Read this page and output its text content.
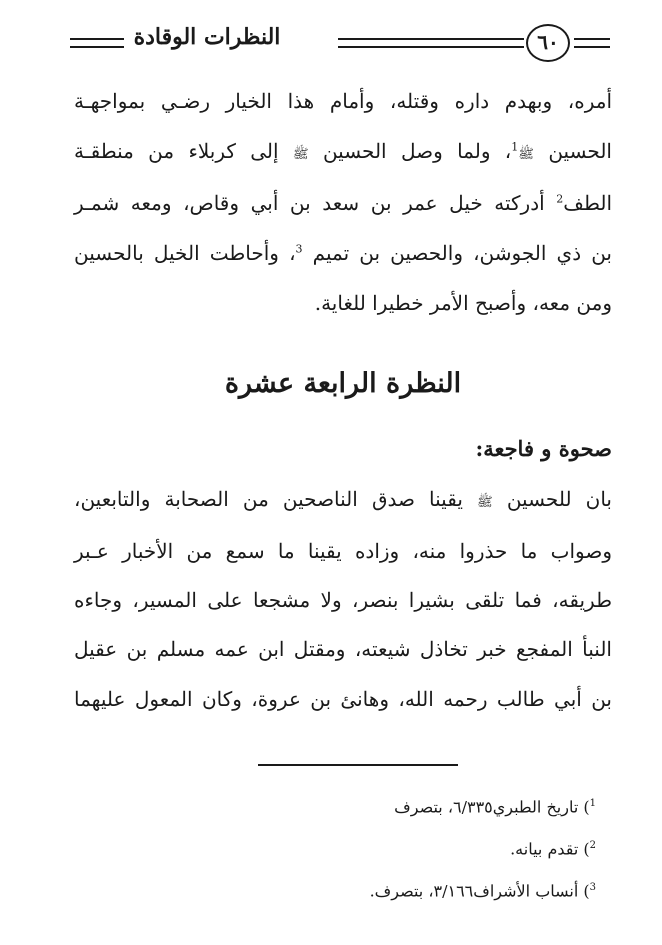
٦٠
النظرات الوقادة
أمره، وبهدم داره وقتله، وأمام هذا الخيار رضـي بمواجهـة
الحسين ﷺ$^1$، ولما وصل الحسين ﷺ إلى كربلاء من منطقـة
الطف$^2$ أدركته خيل عمر بن سعد بن أبي وقاص، ومعه شمـر
بن ذي الجوشن، والحصين بن تميم $^3$، وأحاطت الخيل بالحسين
ومن معه، وأصبح الأمر خطيرا للغاية.
النظرة الرابعة عشرة
صحوة و فاجعة:
بان للحسين ﷺ يقينا صدق الناصحين من الصحابة والتابعين،
وصواب ما حذروا منه، وزاده يقينا ما سمع من الأخبار عـبر
طريقه، فما تلقى بشيرا بنصر، ولا مشجعا على المسير، وجاءه
النبأ المفجع خبر تخاذل شيعته، ومقتل ابن عمه مسلم بن عقيل
بن أبي طالب رحمه الله، وهانئ بن عروة، وكان المعول عليهما
$^1$) تاريخ الطبري٦/٣٣٥، بتصرف
$^2$) تقدم بيانه.
$^3$) أنساب الأشراف٣/١٦٦، بتصرف.
